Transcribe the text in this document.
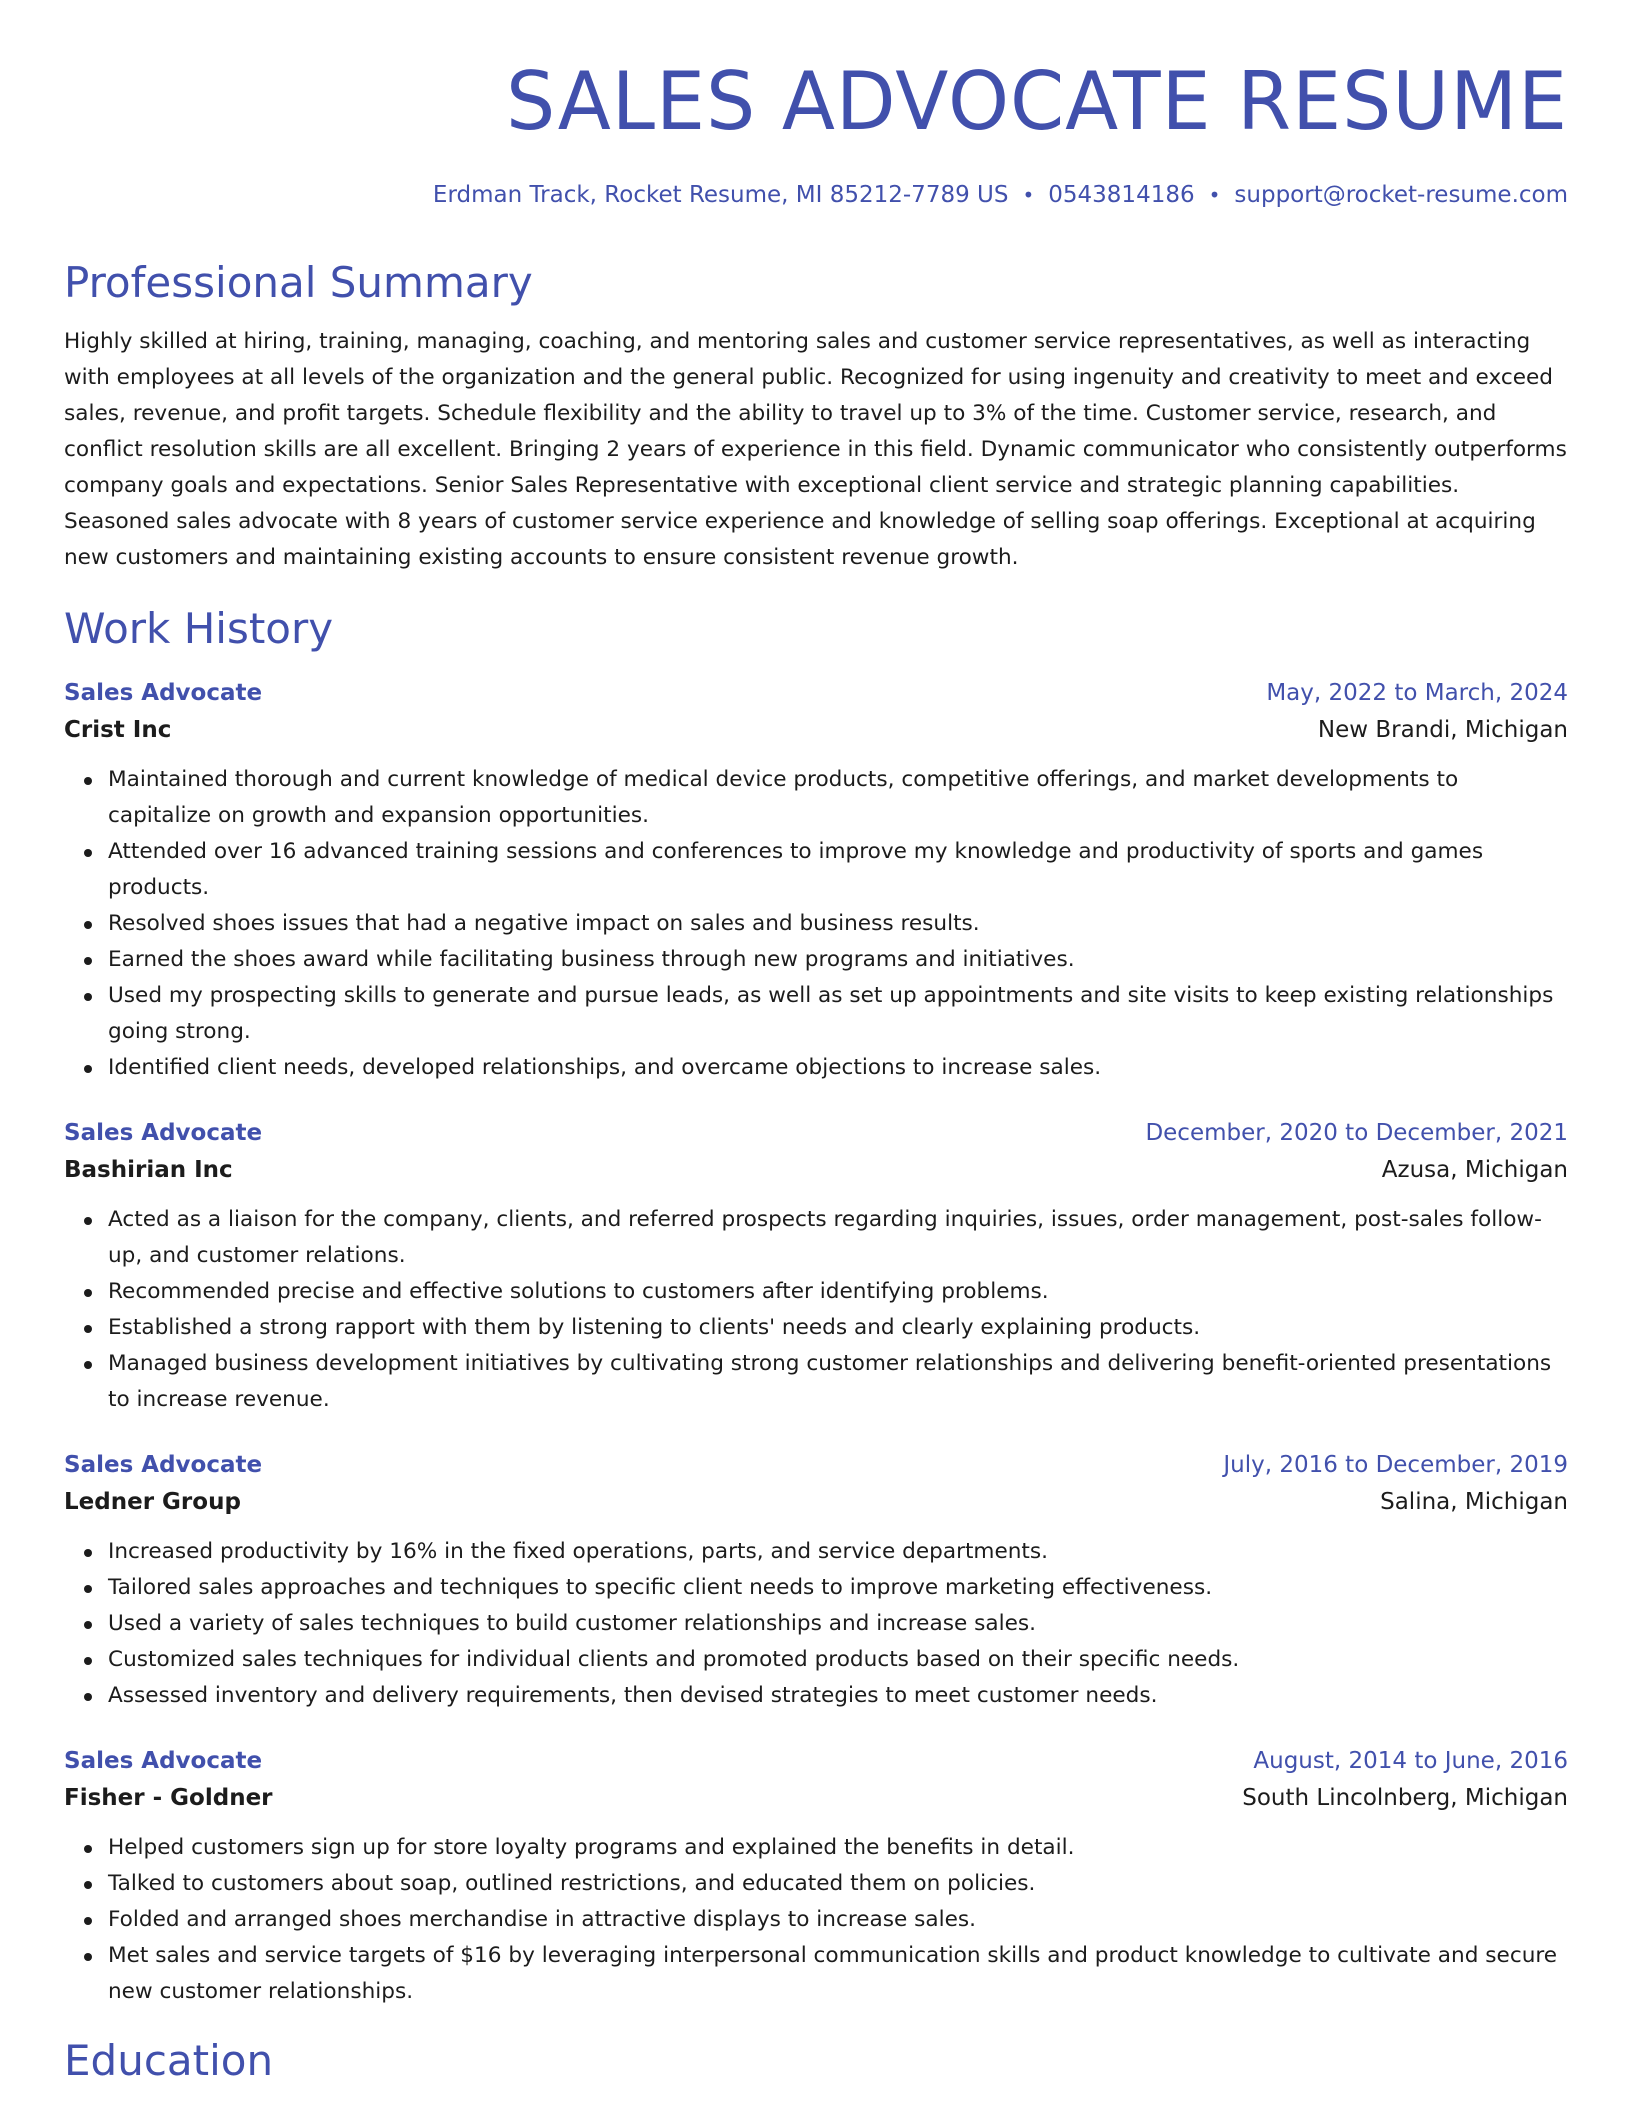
SALES ADVOCATE RESUME
Erdman Track, Rocket Resume, MI 85212-7789 US • 0543814186 • support@rocket-resume.com
Professional Summary

Highly skilled at hiring, training, managing, coaching, and mentoring sales and customer service representatives, as well as interacting with employees at all levels of the organization and the general public. Recognized for using ingenuity and creativity to meet and exceed sales, revenue, and profit targets. Schedule flexibility and the ability to travel up to 3% of the time. Customer service, research, and conflict resolution skills are all excellent. Bringing 2 years of experience in this field. Dynamic communicator who consistently outperforms company goals and expectations. Senior Sales Representative with exceptional client service and strategic planning capabilities. Seasoned sales advocate with 8 years of customer service experience and knowledge of selling soap offerings. Exceptional at acquiring new customers and maintaining existing accounts to ensure consistent revenue growth.

Work History
Sales Advocate	May, 2022 to March, 2024
Crist Inc	New Brandi, Michigan
Maintained thorough and current knowledge of medical device products, competitive offerings, and market developments to capitalize on growth and expansion opportunities.
Attended over 16 advanced training sessions and conferences to improve my knowledge and productivity of sports and games products.
Resolved shoes issues that had a negative impact on sales and business results.
Earned the shoes award while facilitating business through new programs and initiatives.
Used my prospecting skills to generate and pursue leads, as well as set up appointments and site visits to keep existing relationships going strong.
Identified client needs, developed relationships, and overcame objections to increase sales.
Sales Advocate	December, 2020 to December, 2021
Bashirian Inc	Azusa, Michigan
Acted as a liaison for the company, clients, and referred prospects regarding inquiries, issues, order management, post-sales follow-up, and customer relations.
Recommended precise and effective solutions to customers after identifying problems.
Established a strong rapport with them by listening to clients' needs and clearly explaining products.
Managed business development initiatives by cultivating strong customer relationships and delivering benefit-oriented presentations to increase revenue.
Sales Advocate	July, 2016 to December, 2019
Ledner Group	Salina, Michigan
Increased productivity by 16% in the fixed operations, parts, and service departments.
Tailored sales approaches and techniques to specific client needs to improve marketing effectiveness.
Used a variety of sales techniques to build customer relationships and increase sales.
Customized sales techniques for individual clients and promoted products based on their specific needs.
Assessed inventory and delivery requirements, then devised strategies to meet customer needs.
Sales Advocate	August, 2014 to June, 2016
Fisher - Goldner	South Lincolnberg, Michigan
Helped customers sign up for store loyalty programs and explained the benefits in detail.
Talked to customers about soap, outlined restrictions, and educated them on policies.
Folded and arranged shoes merchandise in attractive displays to increase sales.
Met sales and service targets of $16 by leveraging interpersonal communication skills and product knowledge to cultivate and secure new customer relationships.
Education
